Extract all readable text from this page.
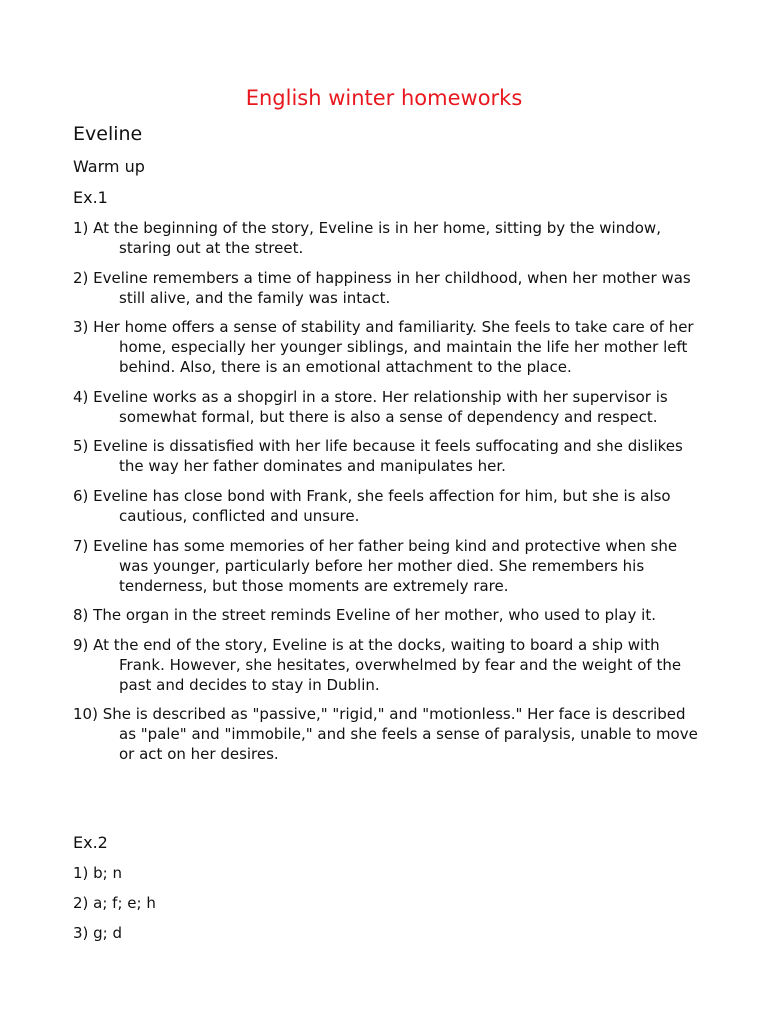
English winter homeworks
Eveline
Warm up
Ex.1
1) At the beginning of the story, Eveline is in her home, sitting by the window, staring out at the street.
2) Eveline remembers a time of happiness in her childhood, when her mother was still alive, and the family was intact.
3) Her home offers a sense of stability and familiarity. She feels to take care of her home, especially her younger siblings, and maintain the life her mother left behind. Also, there is an emotional attachment to the place.
4) Eveline works as a shopgirl in a store. Her relationship with her supervisor is somewhat formal, but there is also a sense of dependency and respect.
5) Eveline is dissatisfied with her life because it feels suffocating and she dislikes the way her father dominates and manipulates her.
6) Eveline has close bond with Frank, she feels affection for him, but she is also cautious, conflicted and unsure.
7) Eveline has some memories of her father being kind and protective when she was younger, particularly before her mother died. She remembers his tenderness, but those moments are extremely rare.
8) The organ in the street reminds Eveline of her mother, who used to play it.
9) At the end of the story, Eveline is at the docks, waiting to board a ship with Frank. However, she hesitates, overwhelmed by fear and the weight of the past and decides to stay in Dublin.
10) She is described as "passive," "rigid," and "motionless." Her face is described as "pale" and "immobile," and she feels a sense of paralysis, unable to move or act on her desires.
Ex.2
1) b; n
2) a; f; e; h
3) g; d
